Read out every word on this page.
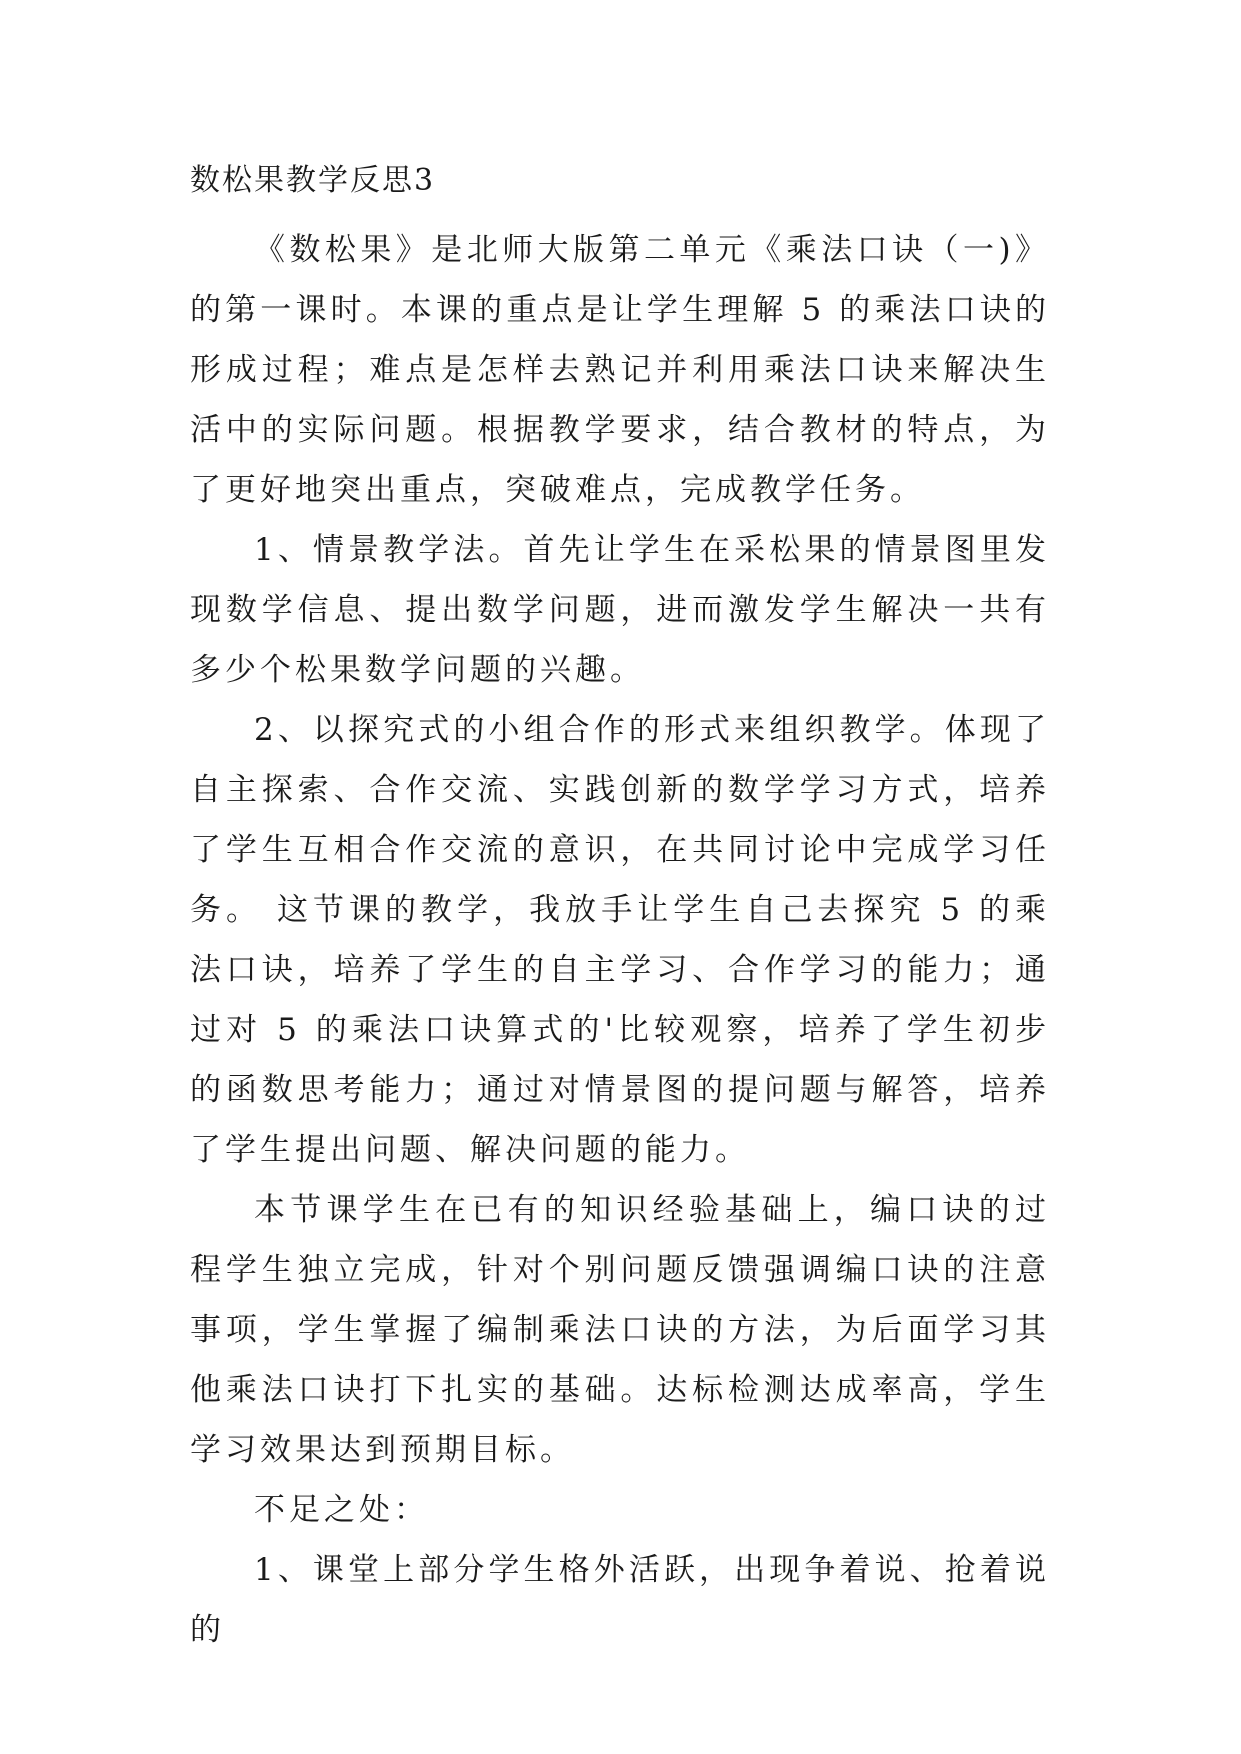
数松果教学反思3

《数松果》是北师大版第二单元《乘法口诀（一)》的第一课时。本课的重点是让学生理解 5 的乘法口诀的形成过程；难点是怎样去熟记并利用乘法口诀来解决生活中的实际问题。根据教学要求，结合教材的特点，为了更好地突出重点，突破难点，完成教学任务。

1、情景教学法。首先让学生在采松果的情景图里发现数学信息、提出数学问题，进而激发学生解决一共有多少个松果数学问题的兴趣。

2、以探究式的小组合作的形式来组织教学。体现了自主探索、合作交流、实践创新的数学学习方式，培养了学生互相合作交流的意识，在共同讨论中完成学习任务。 这节课的教学，我放手让学生自己去探究 5 的乘法口诀，培养了学生的自主学习、合作学习的能力；通过对 5 的乘法口诀算式的'比较观察，培养了学生初步的函数思考能力；通过对情景图的提问题与解答，培养了学生提出问题、解决问题的能力。

本节课学生在已有的知识经验基础上，编口诀的过程学生独立完成，针对个别问题反馈强调编口诀的注意事项，学生掌握了编制乘法口诀的方法，为后面学习其他乘法口诀打下扎实的基础。达标检测达成率高，学生学习效果达到预期目标。

不足之处：

1、课堂上部分学生格外活跃，出现争着说、抢着说的
